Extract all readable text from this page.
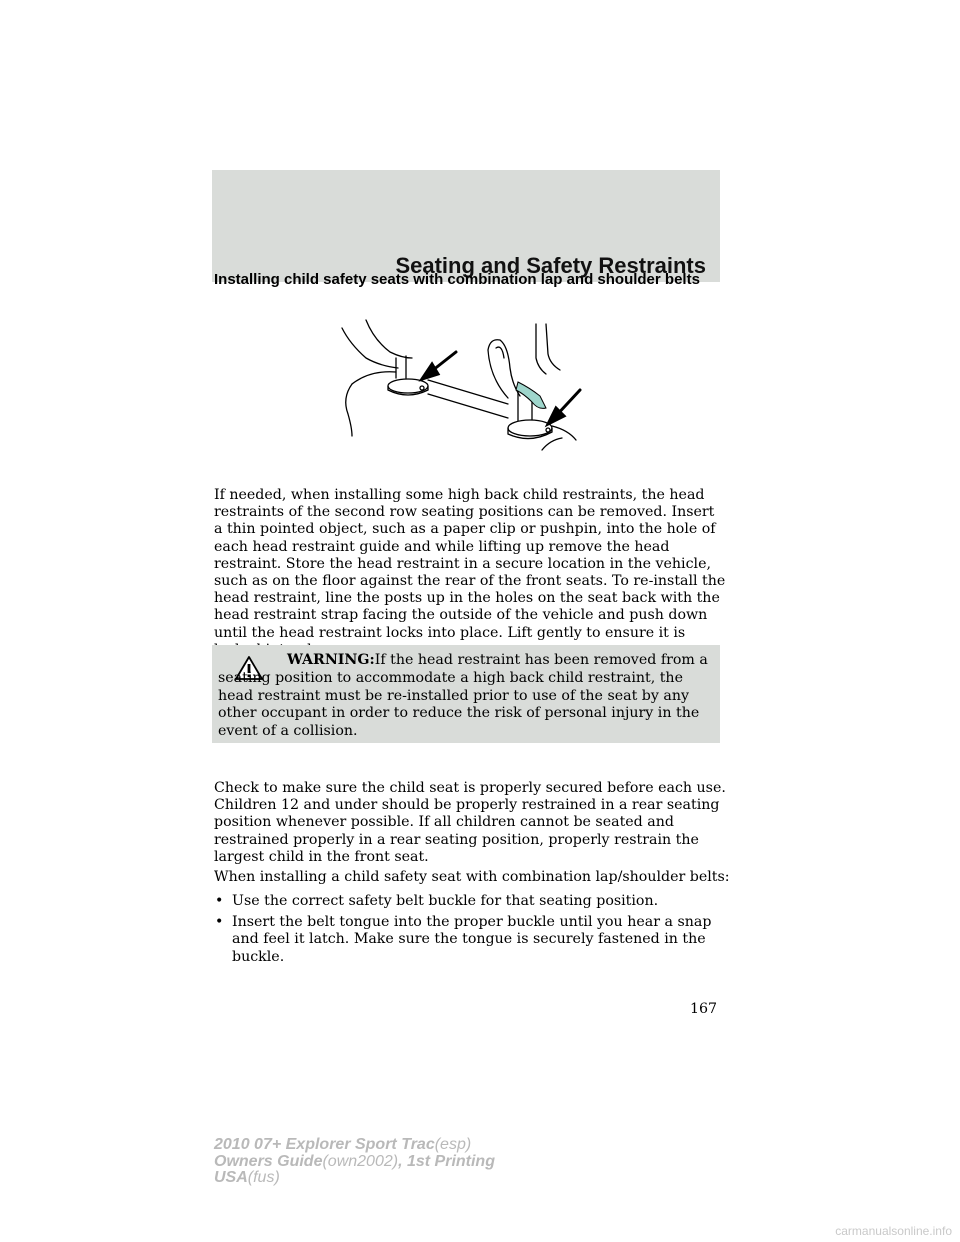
Seating and Safety Restraints
Installing child safety seats with combination lap and shoulder belts

If needed, when installing some high back child restraints, the head restraints of the second row seating positions can be removed. Insert a thin pointed object, such as a paper clip or pushpin, into the hole of each head restraint guide and while lifting up remove the head restraint. Store the head restraint in a secure location in the vehicle, such as on the floor against the rear of the front seats. To re-install the head restraint, line the posts up in the holes on the seat back with the head restraint strap facing the outside of the vehicle and push down until the head restraint locks into place. Lift gently to ensure it is

WARNING:If the head restraint has been removed from a seating position to accommodate a high back child restraint, the head restraint must be re-installed prior to use of the seat by any other occupant in order to reduce the risk of personal injury in the event of a collision.

Check to make sure the child seat is properly secured before each use. Children 12 and under should be properly restrained in a rear seating position whenever possible. If all children cannot be seated and restrained properly in a rear seating position, properly restrain the largest child in the front seat.

When installing a child safety seat with combination lap/shoulder belts:

• Use the correct safety belt buckle for that seating position.
• Insert the belt tongue into the proper buckle until you hear a snap and feel it latch. Make sure the tongue is securely fastened in the buckle.
167
2010 07+ Explorer Sport Trac(esp)
Owners Guide(own2002), 1st Printing
USA(fus)
carmanualsonline.info
